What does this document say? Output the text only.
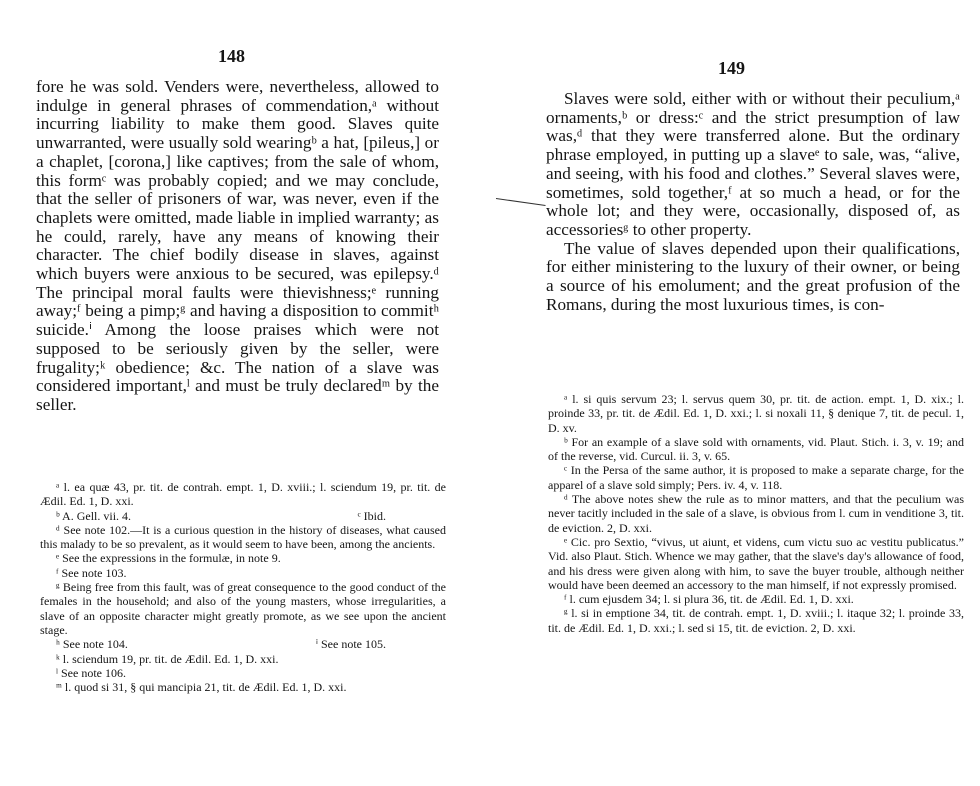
148

fore he was sold. Venders were, nevertheless, allowed to indulge in general phrases of commendation,ᵃ without incurring liability to make them good. Slaves quite unwarranted, were usually sold wearingᵇ a hat, [pileus,] or a chaplet, [corona,] like captives; from the sale of whom, this formᶜ was probably copied; and we may conclude, that the seller of prisoners of war, was never, even if the chaplets were omitted, made liable in implied warranty; as he could, rarely, have any means of knowing their character. The chief bodily disease in slaves, against which buyers were anxious to be secured, was epilepsy.ᵈ The principal moral faults were thievishness;ᵉ running away;ᶠ being a pimp;ᵍ and having a disposition to commitʰ suicide.ⁱ Among the loose praises which were not supposed to be seriously given by the seller, were frugality;ᵏ obedience; &c. The nation of a slave was considered important,ˡ and must be truly declaredᵐ by the seller.

ᵃ l. ea quæ 43, pr. tit. de contrah. empt. 1, D. xviii.; l. sciendum 19, pr. tit. de Ædil. Ed. 1, D. xxi.
ᵇ A. Gell. vii. 4.	ᶜ Ibid.
ᵈ See note 102.—It is a curious question in the history of diseases, what caused this malady to be so prevalent, as it would seem to have been, among the ancients.
ᵉ See the expressions in the formulæ, in note 9.
ᶠ See note 103.
ᵍ Being free from this fault, was of great consequence to the good conduct of the females in the household; and also of the young masters, whose irregularities, a slave of an opposite character might greatly promote, as we see upon the ancient stage.
ʰ See note 104.	ⁱ See note 105.
ᵏ l. sciendum 19, pr. tit. de Ædil. Ed. 1, D. xxi.
ˡ See note 106.
ᵐ l. quod si 31, § qui mancipia 21, tit. de Ædil. Ed. 1, D. xxi.
149

Slaves were sold, either with or without their peculium,ᵃ ornaments,ᵇ or dress:ᶜ and the strict presumption of law was,ᵈ that they were transferred alone. But the ordinary phrase employed, in putting up a slaveᵉ to sale, was, “alive, and seeing, with his food and clothes.” Several slaves were, sometimes, sold together,ᶠ at so much a head, or for the whole lot; and they were, occasionally, disposed of, as accessoriesᵍ to other property.

The value of slaves depended upon their qualifications, for either ministering to the luxury of their owner, or being a source of his emolument; and the great profusion of the Romans, during the most luxurious times, is con-

ᵃ l. si quis servum 23; l. servus quem 30, pr. tit. de action. empt. 1, D. xix.; l. proinde 33, pr. tit. de Ædil. Ed. 1, D. xxi.; l. si noxali 11, § denique 7, tit. de pecul. 1, D. xv.
ᵇ For an example of a slave sold with ornaments, vid. Plaut. Stich. i. 3, v. 19; and of the reverse, vid. Curcul. ii. 3, v. 65.
ᶜ In the Persa of the same author, it is proposed to make a separate charge, for the apparel of a slave sold simply; Pers. iv. 4, v. 118.
ᵈ The above notes shew the rule as to minor matters, and that the peculium was never tacitly included in the sale of a slave, is obvious from l. cum in venditione 3, tit. de eviction. 2, D. xxi.
ᵉ Cic. pro Sextio, “vivus, ut aiunt, et videns, cum victu suo ac vestitu publicatus.” Vid. also Plaut. Stich. Whence we may gather, that the slave's day's allowance of food, and his dress were given along with him, to save the buyer trouble, although neither would have been deemed an accessory to the man himself, if not expressly promised.
ᶠ l. cum ejusdem 34; l. si plura 36, tit. de Ædil. Ed. 1, D. xxi.
ᵍ l. si in emptione 34, tit. de contrah. empt. 1, D. xviii.; l. itaque 32; l. proinde 33, tit. de Ædil. Ed. 1, D. xxi.; l. sed si 15, tit. de eviction. 2, D. xxi.
